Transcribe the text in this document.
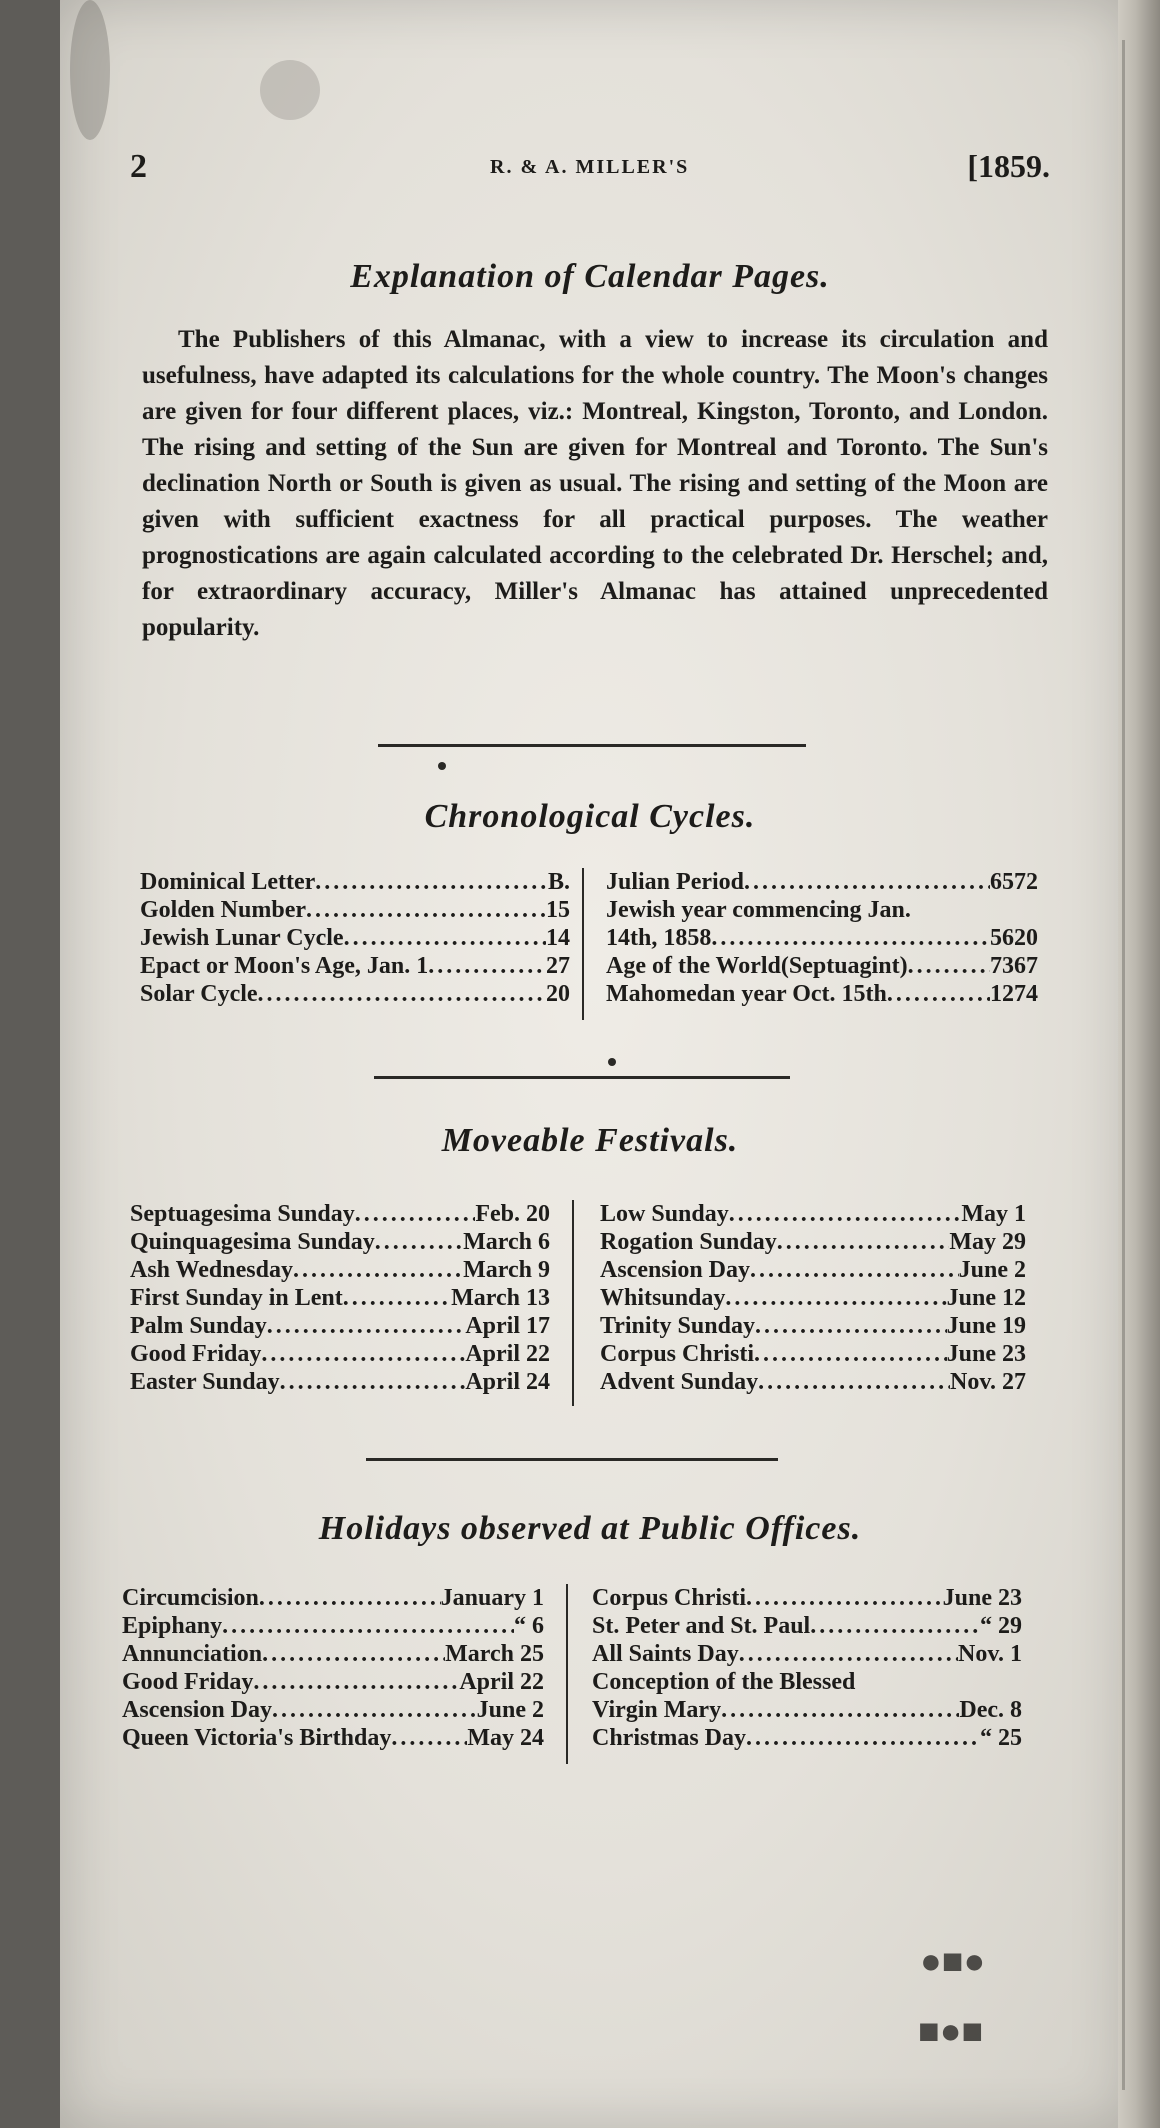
2	R. & A. MILLER'S	[1859.
Explanation of Calendar Pages.
The Publishers of this Almanac, with a view to increase its circulation and usefulness, have adapted its calculations for the whole country. The Moon's changes are given for four different places, viz.: Montreal, Kingston, Toronto, and London. The rising and setting of the Sun are given for Montreal and Toronto. The Sun's declination North or South is given as usual. The rising and setting of the Moon are given with sufficient exactness for all practical purposes. The weather prognostications are again calculated according to the celebrated Dr. Herschel; and, for extraordinary accuracy, Miller's Almanac has attained unprecedented popularity.
Chronological Cycles.
Dominical Letter .....	B.
Golden Number .....	15
Jewish Lunar Cycle .....	14
Epact or Moon's Age, Jan. 1 .....	27
Solar Cycle .....	20
Julian Period .....	6572
Jewish year commencing Jan.
14th, 1858 .....	5620
Age of the World(Septuagint) .....	7367
Mahomedan year Oct. 15th .....	1274
Moveable Festivals.
Septuagesima Sunday .....	Feb. 20
Quinquagesima Sunday .....	March 6
Ash Wednesday .....	March 9
First Sunday in Lent .....	March 13
Palm Sunday .....	April 17
Good Friday .....	April 22
Easter Sunday .....	April 24
Low Sunday .....	May 1
Rogation Sunday .....	May 29
Ascension Day .....	June 2
Whitsunday .....	June 12
Trinity Sunday .....	June 19
Corpus Christi .....	June 23
Advent Sunday .....	Nov. 27
Holidays observed at Public Offices.
Circumcision .....	January 1
Epiphany .....	“ 6
Annunciation .....	March 25
Good Friday .....	April 22
Ascension Day .....	June 2
Queen Victoria's Birthday .....	May 24
Corpus Christi .....	June 23
St. Peter and St. Paul .....	“ 29
All Saints Day .....	Nov. 1
Conception of the Blessed
Virgin Mary .....	Dec. 8
Christmas Day .....	“ 25
●■●
■●■
